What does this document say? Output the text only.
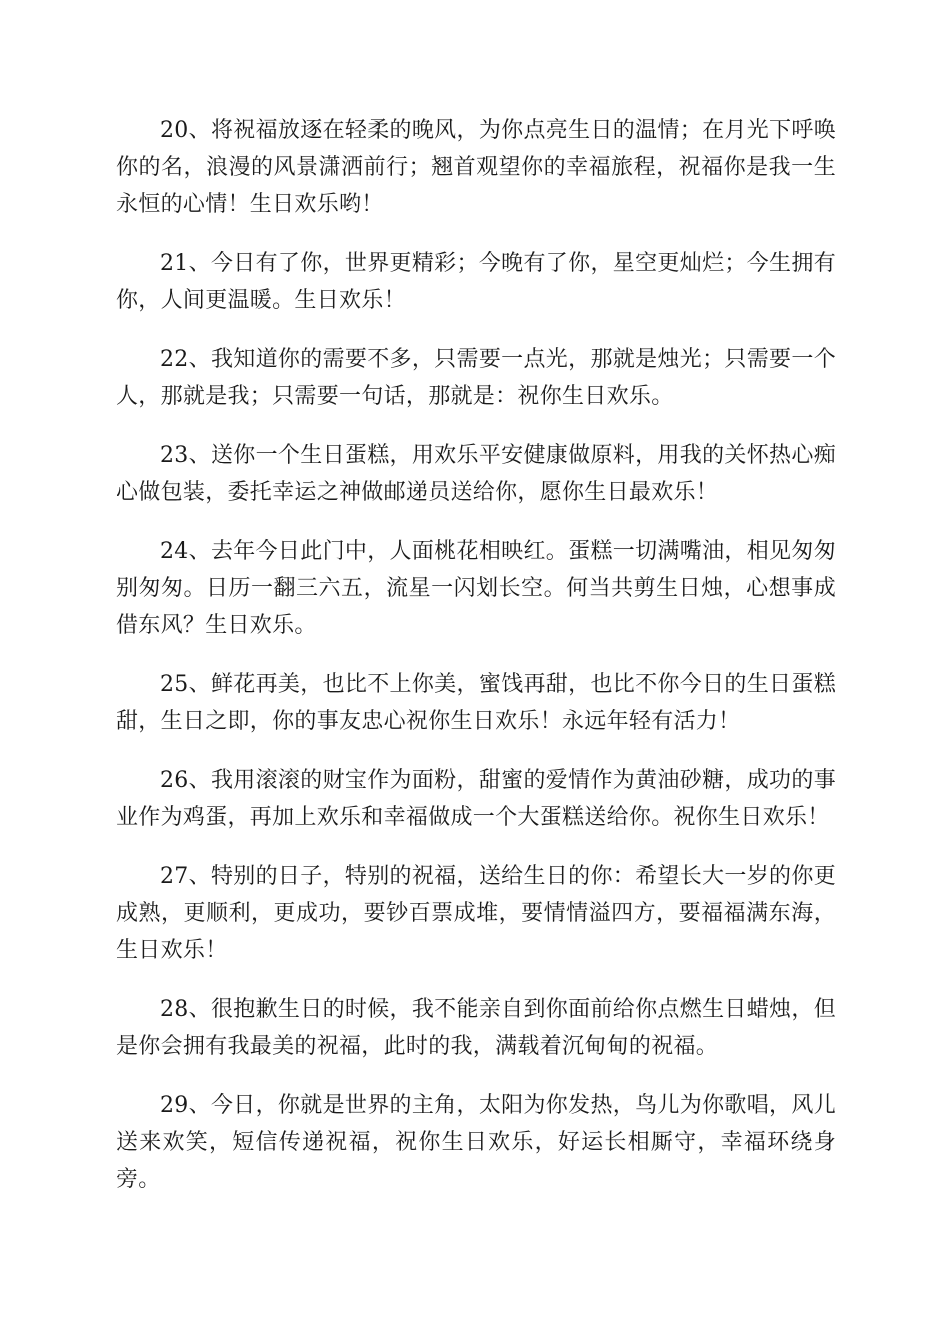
20、将祝福放逐在轻柔的晚风，为你点亮生日的温情；在月光下呼唤你的名，浪漫的风景潇洒前行；翘首观望你的幸福旅程，祝福你是我一生永恒的心情！生日欢乐哟！

21、今日有了你，世界更精彩；今晚有了你，星空更灿烂；今生拥有你，人间更温暖。生日欢乐！

22、我知道你的需要不多，只需要一点光，那就是烛光；只需要一个人，那就是我；只需要一句话，那就是：祝你生日欢乐。

23、送你一个生日蛋糕，用欢乐平安健康做原料，用我的关怀热心痴心做包装，委托幸运之神做邮递员送给你，愿你生日最欢乐！

24、去年今日此门中，人面桃花相映红。蛋糕一切满嘴油，相见匆匆别匆匆。日历一翻三六五，流星一闪划长空。何当共剪生日烛，心想事成借东风？生日欢乐。

25、鲜花再美，也比不上你美，蜜饯再甜，也比不你今日的生日蛋糕甜，生日之即，你的事友忠心祝你生日欢乐！永远年轻有活力！

26、我用滚滚的财宝作为面粉，甜蜜的爱情作为黄油砂糖，成功的事业作为鸡蛋，再加上欢乐和幸福做成一个大蛋糕送给你。祝你生日欢乐！

27、特别的日子，特别的祝福，送给生日的你：希望长大一岁的你更成熟，更顺利，更成功，要钞百票成堆，要情情溢四方，要福福满东海，生日欢乐！

28、很抱歉生日的时候，我不能亲自到你面前给你点燃生日蜡烛，但是你会拥有我最美的祝福，此时的我，满载着沉甸甸的祝福。

29、今日，你就是世界的主角，太阳为你发热，鸟儿为你歌唱，风儿送来欢笑，短信传递祝福，祝你生日欢乐，好运长相厮守，幸福环绕身旁。
